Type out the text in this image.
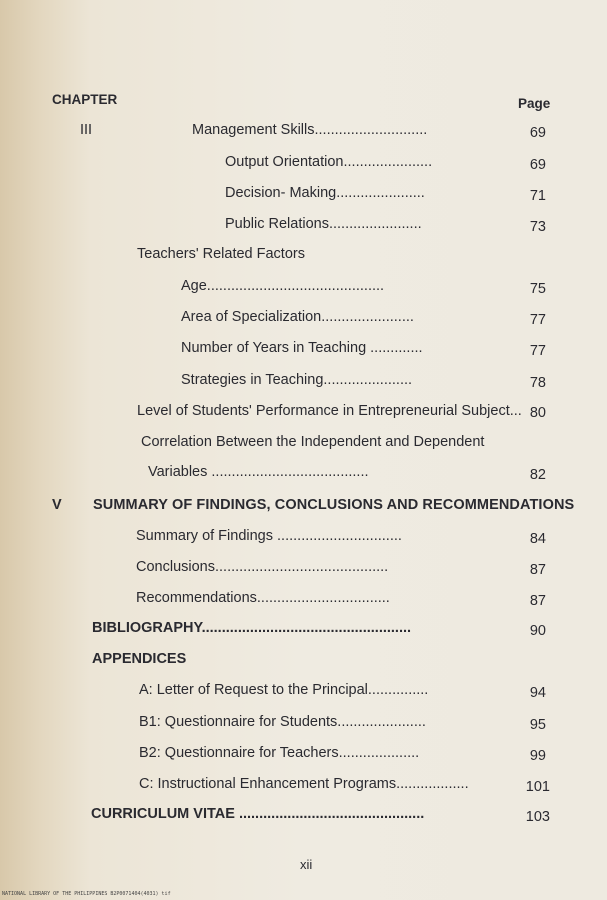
CHAPTER	Page
III	Management Skills............................	69
Output Orientation......................	69
Decision- Making......................	71
Public Relations.......................	73
Teachers' Related Factors
Age............................................	75
Area of Specialization.......................	77
Number of Years in Teaching .............	77
Strategies in Teaching......................	78
Level of Students' Performance in Entrepreneurial Subject... 80
Correlation Between the Independent and Dependent
Variables .......................................	82
V SUMMARY OF FINDINGS, CONCLUSIONS AND RECOMMENDATIONS
Summary of Findings ...............................	84
Conclusions...........................................	87
Recommendations.................................	87
BIBLIOGRAPHY....................................................	90
APPENDICES
A: Letter of Request to the Principal...............	94
B1: Questionnaire for Students......................	95
B2: Questionnaire for Teachers....................	99
C: Instructional Enhancement Programs..................	101
CURRICULUM VITAE ..............................................	103
xii
NATIONAL LIBRARY OF THE PHILIPPINES B2P0071404(4031) tif
